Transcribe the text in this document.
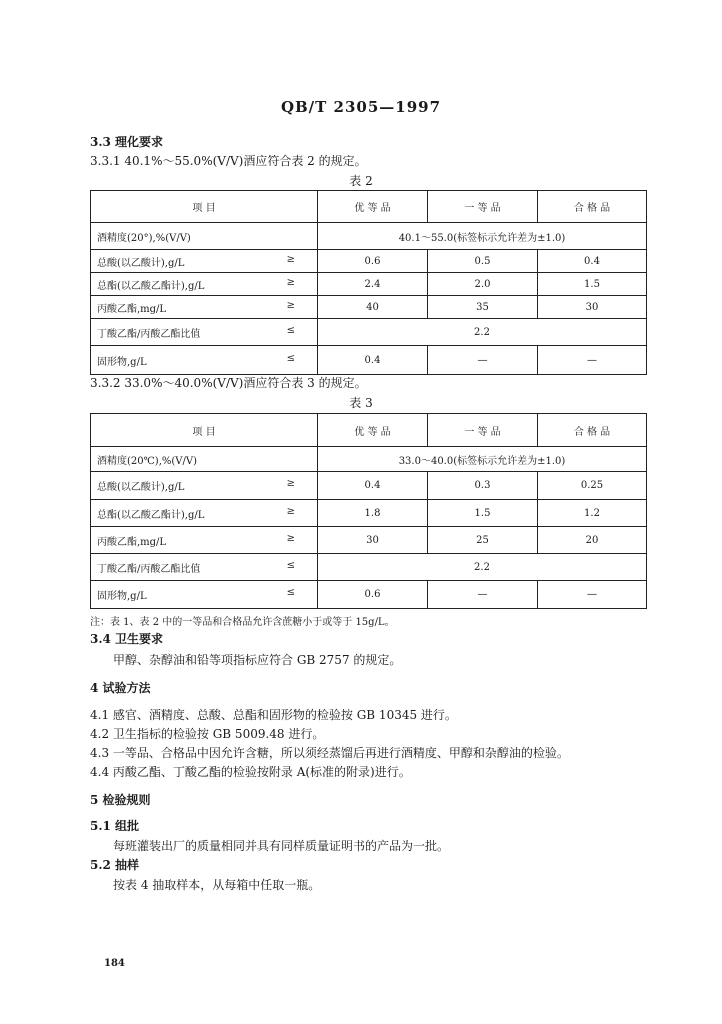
QB/T 2305—1997
3.3 理化要求
3.3.1 40.1%～55.0%(V/V)酒应符合表 2 的规定。
表 2
项 目	优 等 品	一 等 品	合 格 品
酒精度(20°),%(V/V)	40.1～55.0(标签标示允许差为±1.0)		
总酸(以乙酸计),g/L ≥	0.6	0.5	0.4
总酯(以乙酸乙酯计),g/L ≥	2.4	2.0	1.5
丙酸乙酯,mg/L ≥	40	35	30
丁酸乙酯/丙酸乙酯比值 ≤	2.2		
固形物,g/L ≤	0.4	—	—
3.3.2 33.0%～40.0%(V/V)酒应符合表 3 的规定。
表 3
项 目	优 等 品	一 等 品	合 格 品
酒精度(20℃),%(V/V)	33.0～40.0(标签标示允许差为±1.0)		
总酸(以乙酸计),g/L ≥	0.4	0.3	0.25
总酯(以乙酸乙酯计),g/L ≥	1.8	1.5	1.2
丙酸乙酯,mg/L ≥	30	25	20
丁酸乙酯/丙酸乙酯比值 ≤	2.2		
固形物,g/L ≤	0.6	—	—
注：表 1、表 2 中的一等品和合格品允许含蔗糖小于或等于 15g/L。
3.4 卫生要求
甲醇、杂醇油和铅等项指标应符合 GB 2757 的规定。
4 试验方法
4.1 感官、酒精度、总酸、总酯和固形物的检验按 GB 10345 进行。
4.2 卫生指标的检验按 GB 5009.48 进行。
4.3 一等品、合格品中因允许含糖，所以须经蒸馏后再进行酒精度、甲醇和杂醇油的检验。
4.4 丙酸乙酯、丁酸乙酯的检验按附录 A(标准的附录)进行。
5 检验规则
5.1 组批
每班灌装出厂的质量相同并具有同样质量证明书的产品为一批。
5.2 抽样
按表 4 抽取样本，从每箱中任取一瓶。
184
